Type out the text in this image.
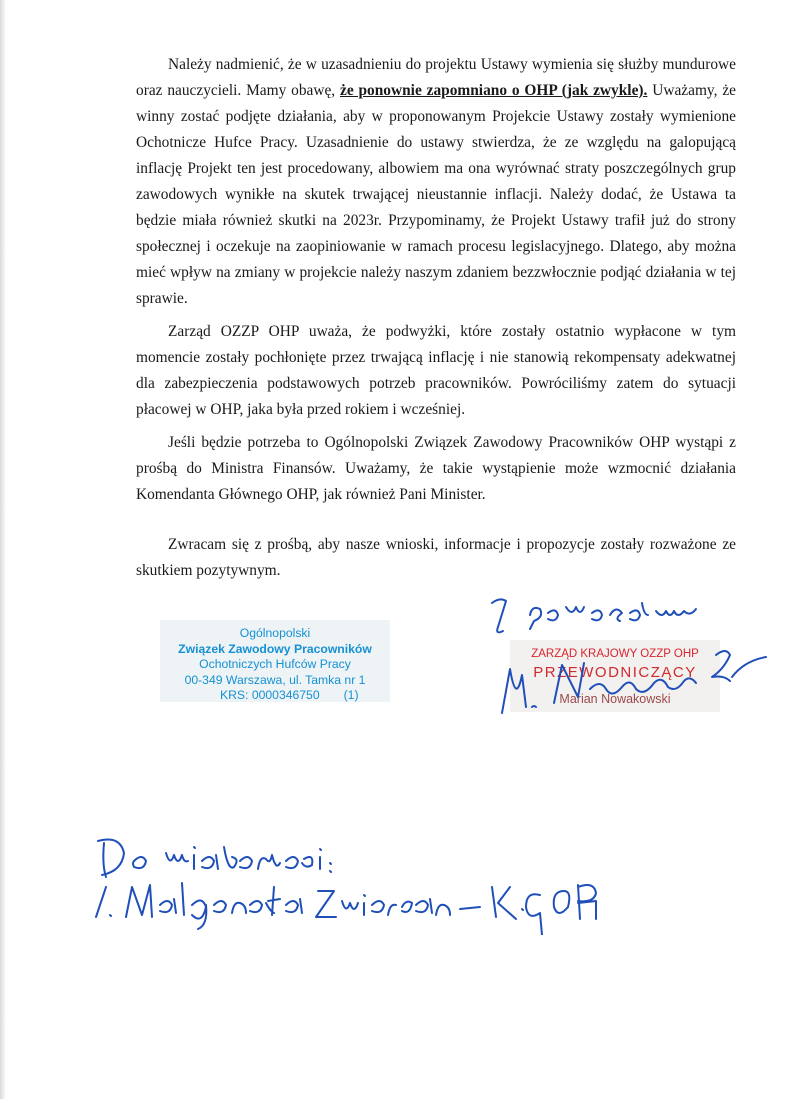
Należy nadmienić, że w uzasadnieniu do projektu Ustawy wymienia się służby mundurowe oraz nauczycieli. Mamy obawę, że ponownie zapomniano o OHP (jak zwykle). Uważamy, że winny zostać podjęte działania, aby w proponowanym Projekcie Ustawy zostały wymienione Ochotnicze Hufce Pracy. Uzasadnienie do ustawy stwierdza, że ze względu na galopującą inflację Projekt ten jest procedowany, albowiem ma ona wyrównać straty poszczególnych grup zawodowych wynikłe na skutek trwającej nieustannie inflacji. Należy dodać, że Ustawa ta będzie miała również skutki na 2023r. Przypominamy, że Projekt Ustawy trafił już do strony społecznej i oczekuje na zaopiniowanie w ramach procesu legislacyjnego. Dlatego, aby można mieć wpływ na zmiany w projekcie należy naszym zdaniem bezzwłocznie podjąć działania w tej sprawie.

Zarząd OZZP OHP uważa, że podwyżki, które zostały ostatnio wypłacone w tym momencie zostały pochłonięte przez trwającą inflację i nie stanowią rekompensaty adekwatnej dla zabezpieczenia podstawowych potrzeb pracowników. Powróciliśmy zatem do sytuacji płacowej w OHP, jaka była przed rokiem i wcześniej.

Jeśli będzie potrzeba to Ogólnopolski Związek Zawodowy Pracowników OHP wystąpi z prośbą do Ministra Finansów. Uważamy, że takie wystąpienie może wzmocnić działania Komendanta Głównego OHP, jak również Pani Minister.

Zwracam się z prośbą, aby nasze wnioski, informacje i propozycje zostały rozważone ze skutkiem pozytywnym.

Ogólnopolski
Związek Zawodowy Pracowników
Ochotniczych Hufców Pracy
00-349 Warszawa, ul. Tamka nr 1
KRS: 0000346750 (1)
ZARZĄD KRAJOWY OZZP OHP
PRZEWODNICZĄCY
Marian Nowakowski
